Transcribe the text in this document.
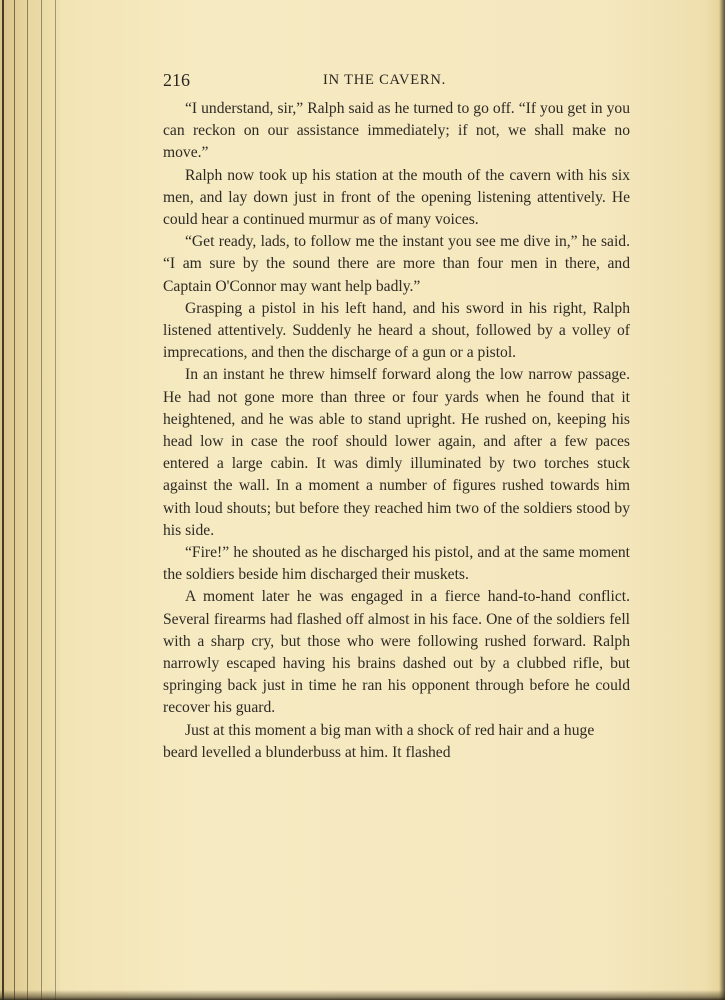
216	IN THE CAVERN.

“I understand, sir,” Ralph said as he turned to go off. “If you get in you can reckon on our assistance immediately; if not, we shall make no move.”

Ralph now took up his station at the mouth of the cavern with his six men, and lay down just in front of the opening listening attentively. He could hear a continued murmur as of many voices.

“Get ready, lads, to follow me the instant you see me dive in,” he said. “I am sure by the sound there are more than four men in there, and Captain O'Connor may want help badly.”

Grasping a pistol in his left hand, and his sword in his right, Ralph listened attentively. Suddenly he heard a shout, followed by a volley of imprecations, and then the discharge of a gun or a pistol.

In an instant he threw himself forward along the low narrow passage. He had not gone more than three or four yards when he found that it heightened, and he was able to stand upright. He rushed on, keeping his head low in case the roof should lower again, and after a few paces entered a large cabin. It was dimly illuminated by two torches stuck against the wall. In a moment a number of figures rushed towards him with loud shouts; but before they reached him two of the soldiers stood by his side.

“Fire!” he shouted as he discharged his pistol, and at the same moment the soldiers beside him discharged their muskets.

A moment later he was engaged in a fierce hand-to-hand conflict. Several firearms had flashed off almost in his face. One of the soldiers fell with a sharp cry, but those who were following rushed forward. Ralph narrowly escaped having his brains dashed out by a clubbed rifle, but springing back just in time he ran his opponent through before he could recover his guard.

Just at this moment a big man with a shock of red hair and a huge beard levelled a blunderbuss at him. It flashed
